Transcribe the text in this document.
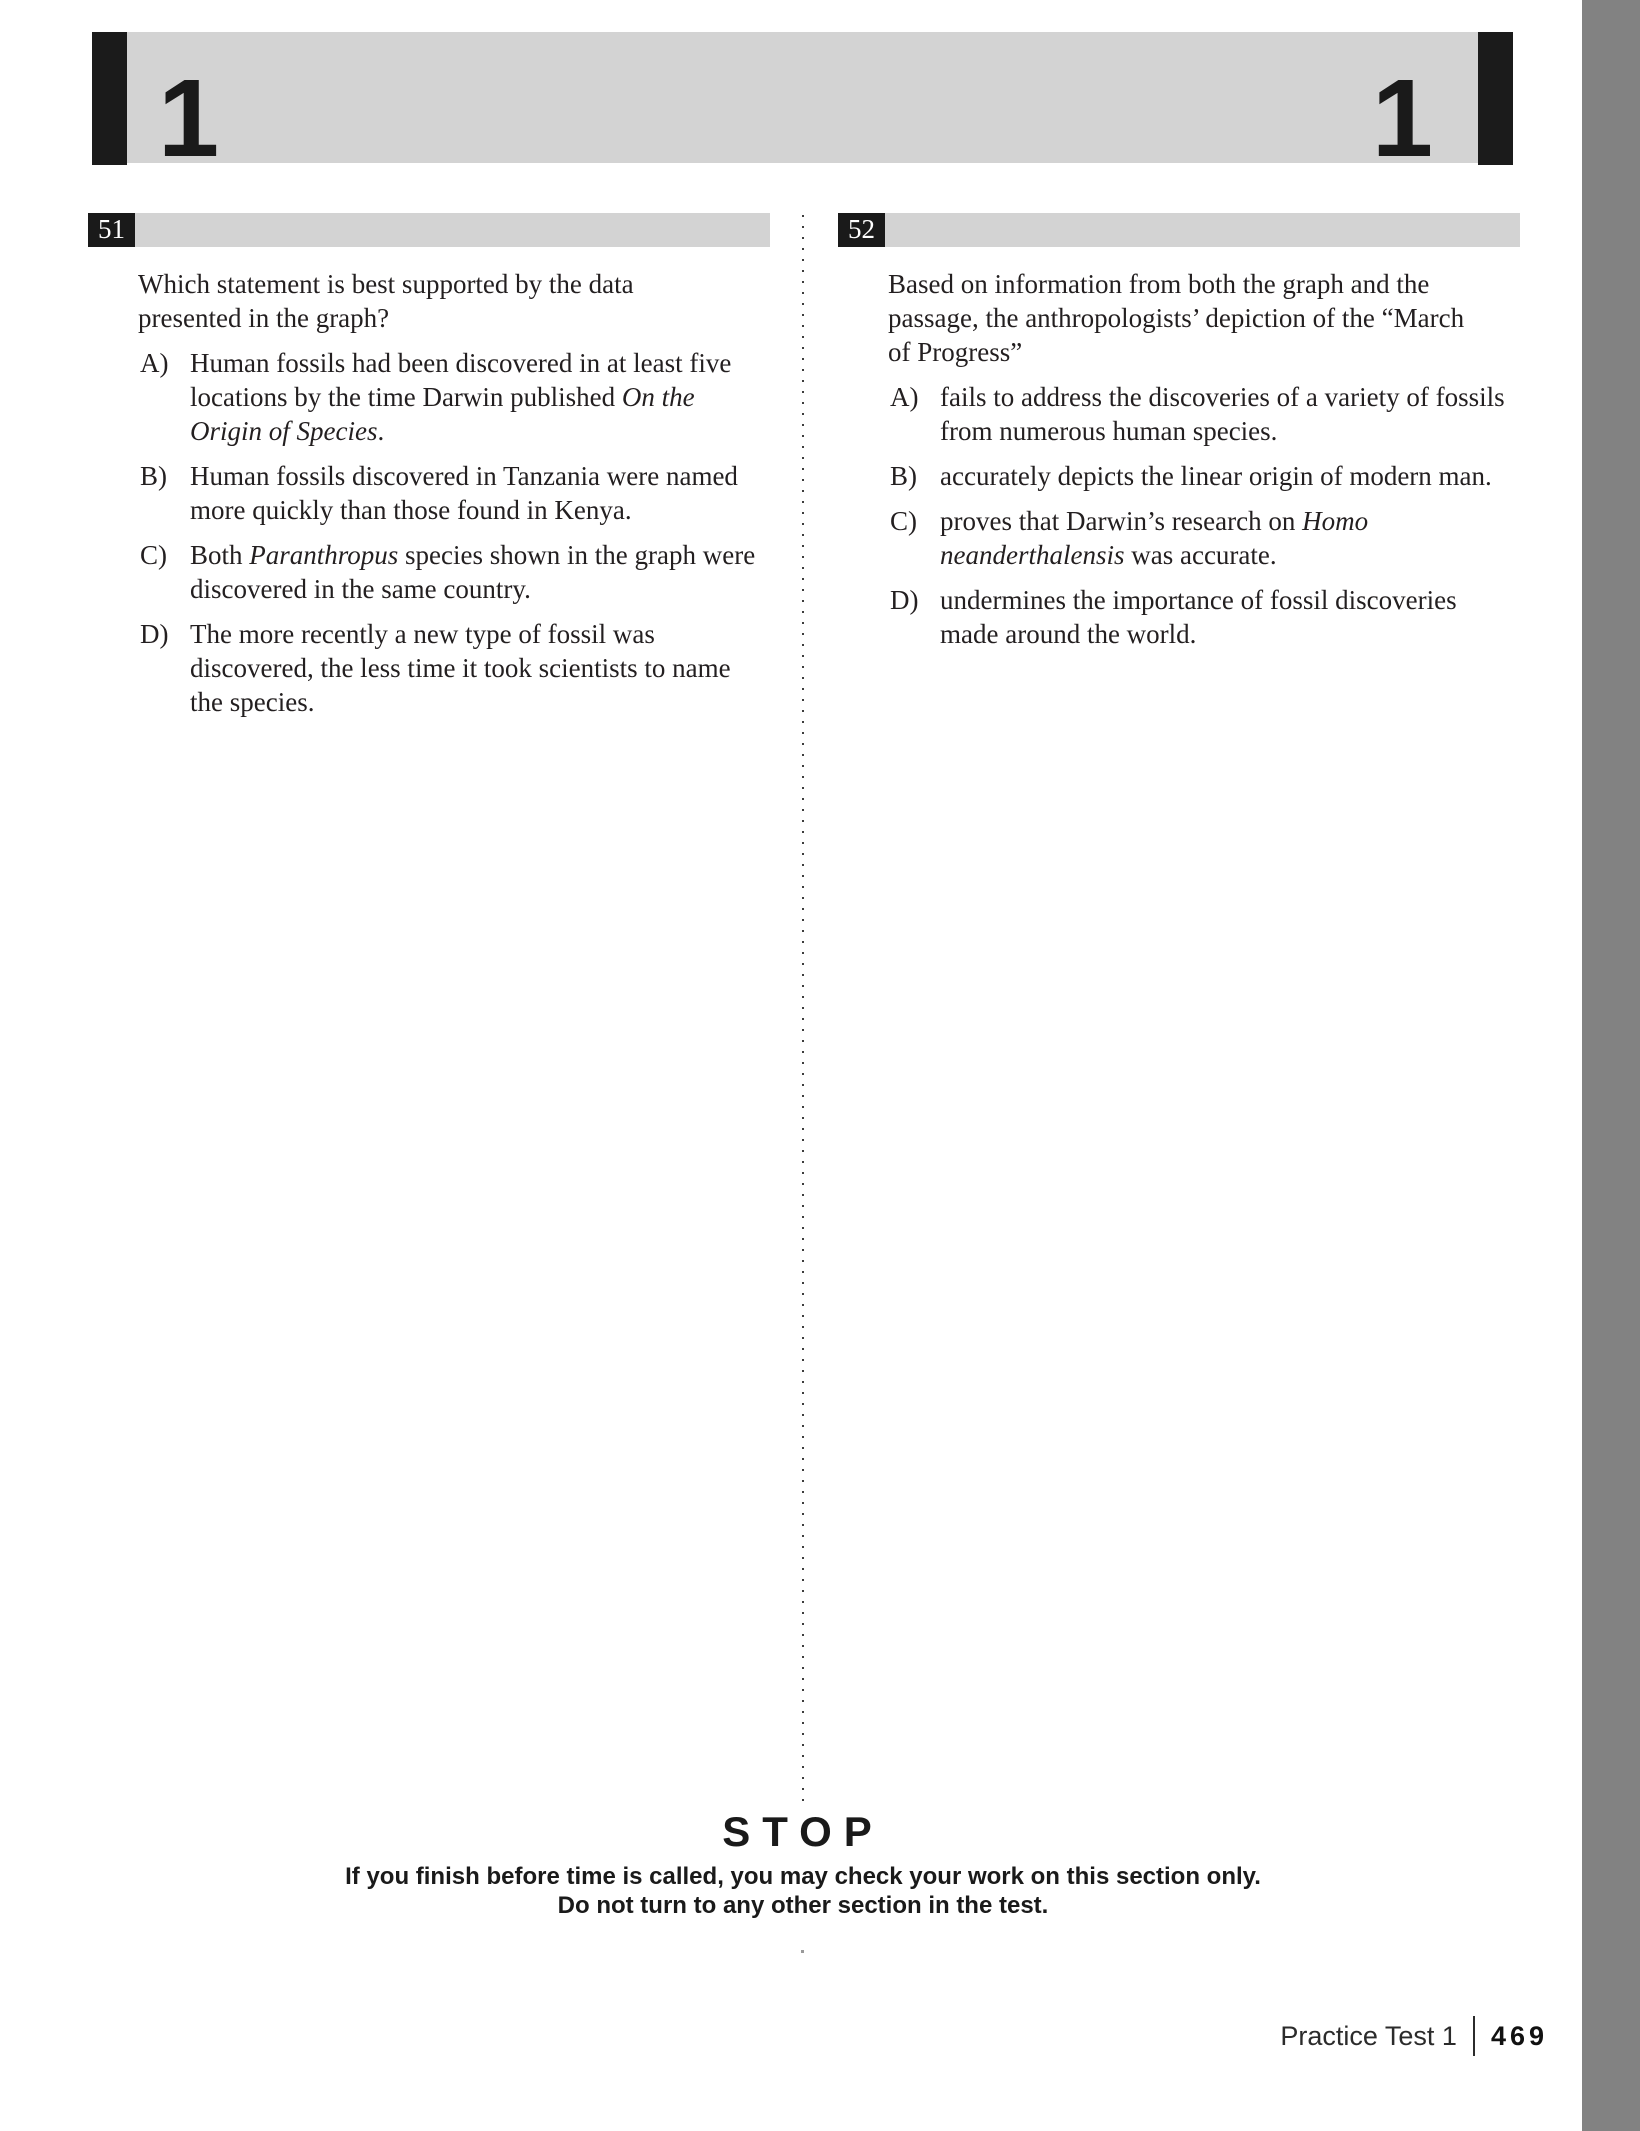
1	1
51

Which statement is best supported by the data presented in the graph?

A) Human fossils had been discovered in at least five locations by the time Darwin published On the Origin of Species.
B) Human fossils discovered in Tanzania were named more quickly than those found in Kenya.
C) Both Paranthropus species shown in the graph were discovered in the same country.
D) The more recently a new type of fossil was discovered, the less time it took scientists to name the species.
52

Based on information from both the graph and the passage, the anthropologists’ depiction of the “March of Progress”

A) fails to address the discoveries of a variety of fossils from numerous human species.
B) accurately depicts the linear origin of modern man.
C) proves that Darwin’s research on Homo neanderthalensis was accurate.
D) undermines the importance of fossil discoveries made around the world.

STOP

If you finish before time is called, you may check your work on this section only.

Do not turn to any other section in the test.

Practice Test 1 469
